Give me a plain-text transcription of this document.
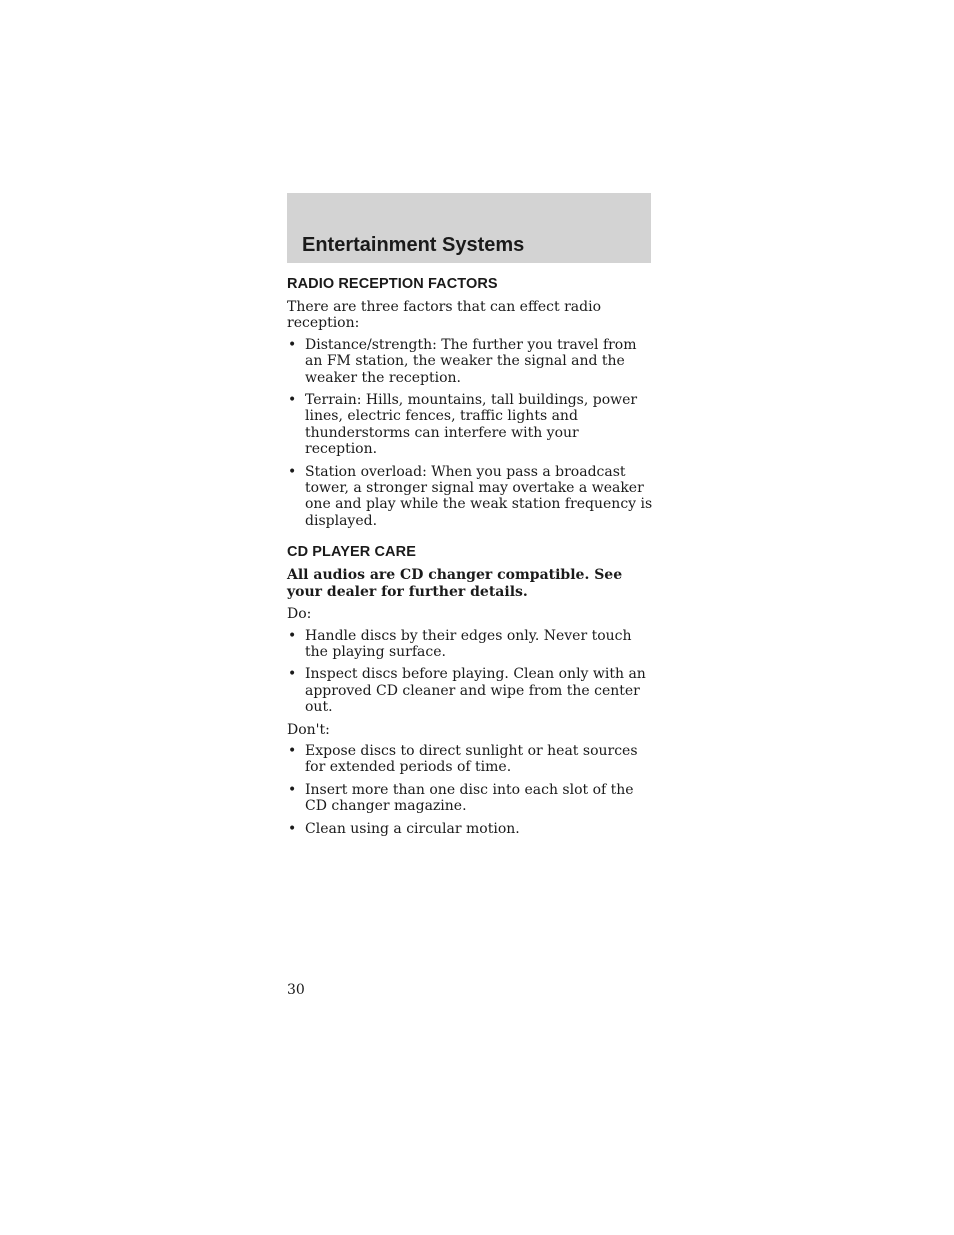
Entertainment Systems
RADIO RECEPTION FACTORS

There are three factors that can effect radio reception:

• Distance/strength: The further you travel from an FM station, the weaker the signal and the weaker the reception.
• Terrain: Hills, mountains, tall buildings, power lines, electric fences, traffic lights and thunderstorms can interfere with your reception.
• Station overload: When you pass a broadcast tower, a stronger signal may overtake a weaker one and play while the weak station frequency is displayed.
CD PLAYER CARE

All audios are CD changer compatible. See your dealer for further details.

Do:

• Handle discs by their edges only. Never touch the playing surface.
• Inspect discs before playing. Clean only with an approved CD cleaner and wipe from the center out.

Don't:

• Expose discs to direct sunlight or heat sources for extended periods of time.
• Insert more than one disc into each slot of the CD changer magazine.
• Clean using a circular motion.
30
